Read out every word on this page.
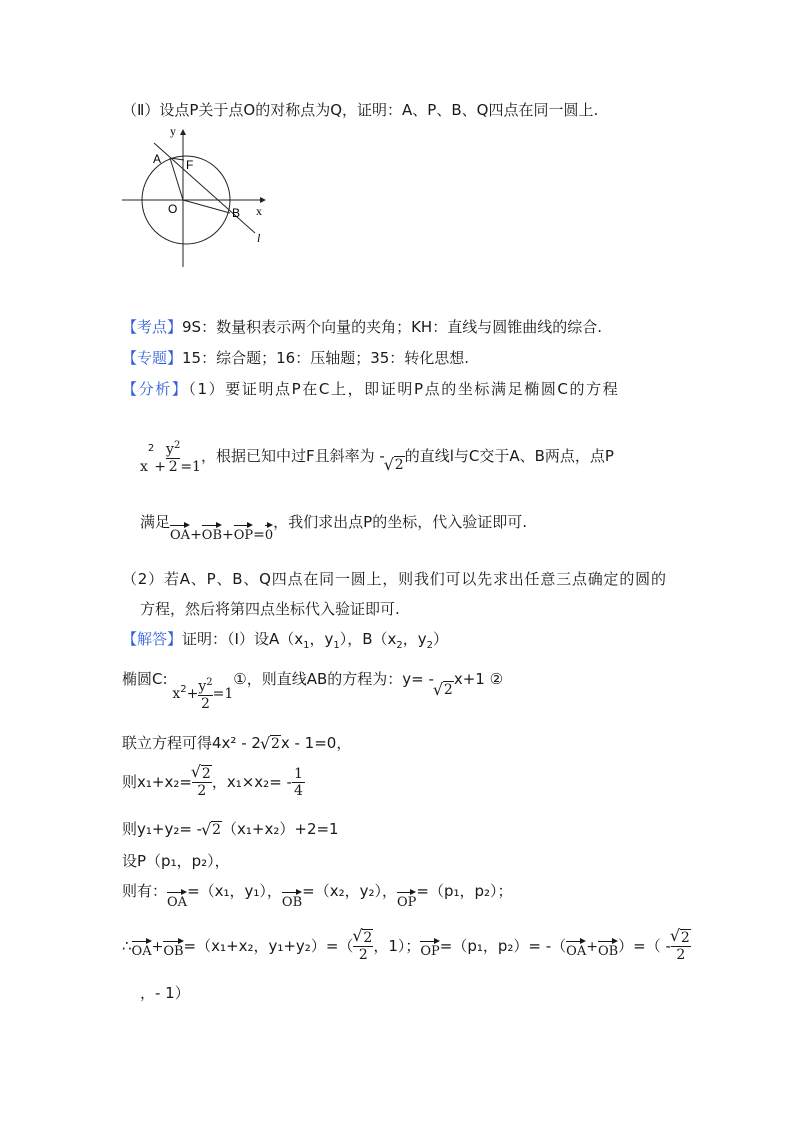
（Ⅱ）设点P关于点O的对称点为Q，证明：A、P、B、Q四点在同一圆上.
y
x
O
A F
B
l
【考点】9S：数量积表示两个向量的夹角；KH：直线与圆锥曲线的综合.
【专题】15：综合题；16：压轴题；35：转化思想.
【分析】（1）要证明点P在C上，即证明P点的坐标满足椭圆C的方程
$x^2+ \frac{y^2}{2} =1$，根据已知中过F且斜率为 - √ 2的直线l与C交于A、B两点，点P
满足OA+OB+OP=0，我们求出点P的坐标，代入验证即可.
（2）若A、P、B、Q四点在同一圆上，则我们可以先求出任意三点确定的圆的
方程，然后将第四点坐标代入验证即可.
【解答】证明：（Ⅰ）设$A(x_1$，$y_1$），$B(x_2$，$y_2$）
椭圆C: $x^2+ \frac{y^2}{2}$ =1①，则直线AB的方程为：y= -√ 2x+1 ②
联立方程可得4x² - 2 √ 2x - 1=0，
则x₁+x₂= √ $\frac{2}{2}$ ，$x_1\times x_2= - \frac{1}{4}$
则y₁+y₂= - √ 2（x₁+x₂）+2=1
设P（p₁，p₂），
则有：OA=（x₁，y₁），OB=（x₂，y₂），OP=（p₁，p₂）；
∴OA+OB=（x₁+x₂，y₁+y₂）=（ √ $\frac{2}{2}$ ，1）；OP=（p₁，p₂）= -（OA+OB）=（ - √ $\frac{2}{2}$
，- 1）
